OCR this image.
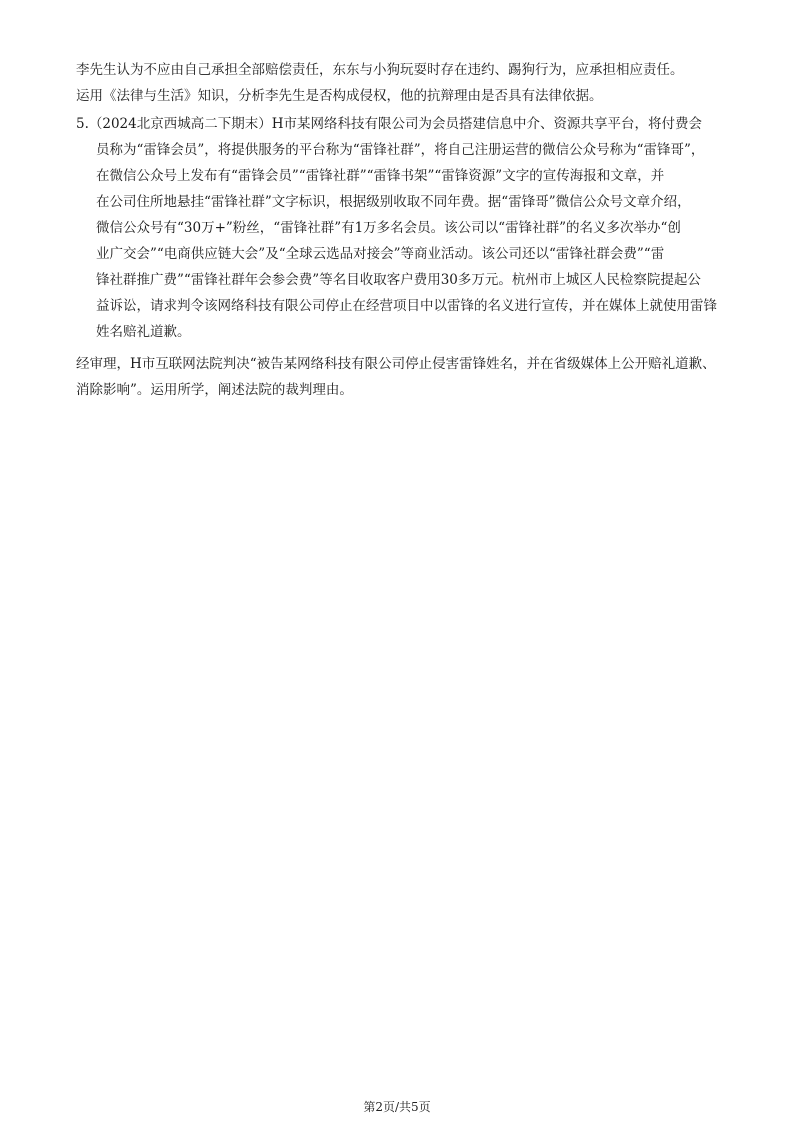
李先生认为不应由自己承担全部赔偿责任，东东与小狗玩耍时存在违约、踢狗行为，应承担相应责任。
运用《法律与生活》知识，分析李先生是否构成侵权，他的抗辩理由是否具有法律依据。
5.（2024北京西城高二下期末）H市某网络科技有限公司为会员搭建信息中介、资源共享平台，将付费会
员称为“雷锋会员”，将提供服务的平台称为“雷锋社群”，将自己注册运营的微信公众号称为“雷锋哥”，
在微信公众号上发布有“雷锋会员”“雷锋社群”“雷锋书架”“雷锋资源”文字的宣传海报和文章，并
在公司住所地悬挂“雷锋社群”文字标识，根据级别收取不同年费。据“雷锋哥”微信公众号文章介绍，
微信公众号有“30万+”粉丝，“雷锋社群”有1万多名会员。该公司以“雷锋社群”的名义多次举办“创
业广交会”“电商供应链大会”及“全球云选品对接会”等商业活动。该公司还以“雷锋社群会费”“雷
锋社群推广费”“雷锋社群年会参会费”等名目收取客户费用30多万元。杭州市上城区人民检察院提起公
益诉讼，请求判令该网络科技有限公司停止在经营项目中以雷锋的名义进行宣传，并在媒体上就使用雷锋
姓名赔礼道歉。
经审理，H市互联网法院判决“被告某网络科技有限公司停止侵害雷锋姓名，并在省级媒体上公开赔礼道歉、
消除影响”。运用所学，阐述法院的裁判理由。
第2页/共5页
